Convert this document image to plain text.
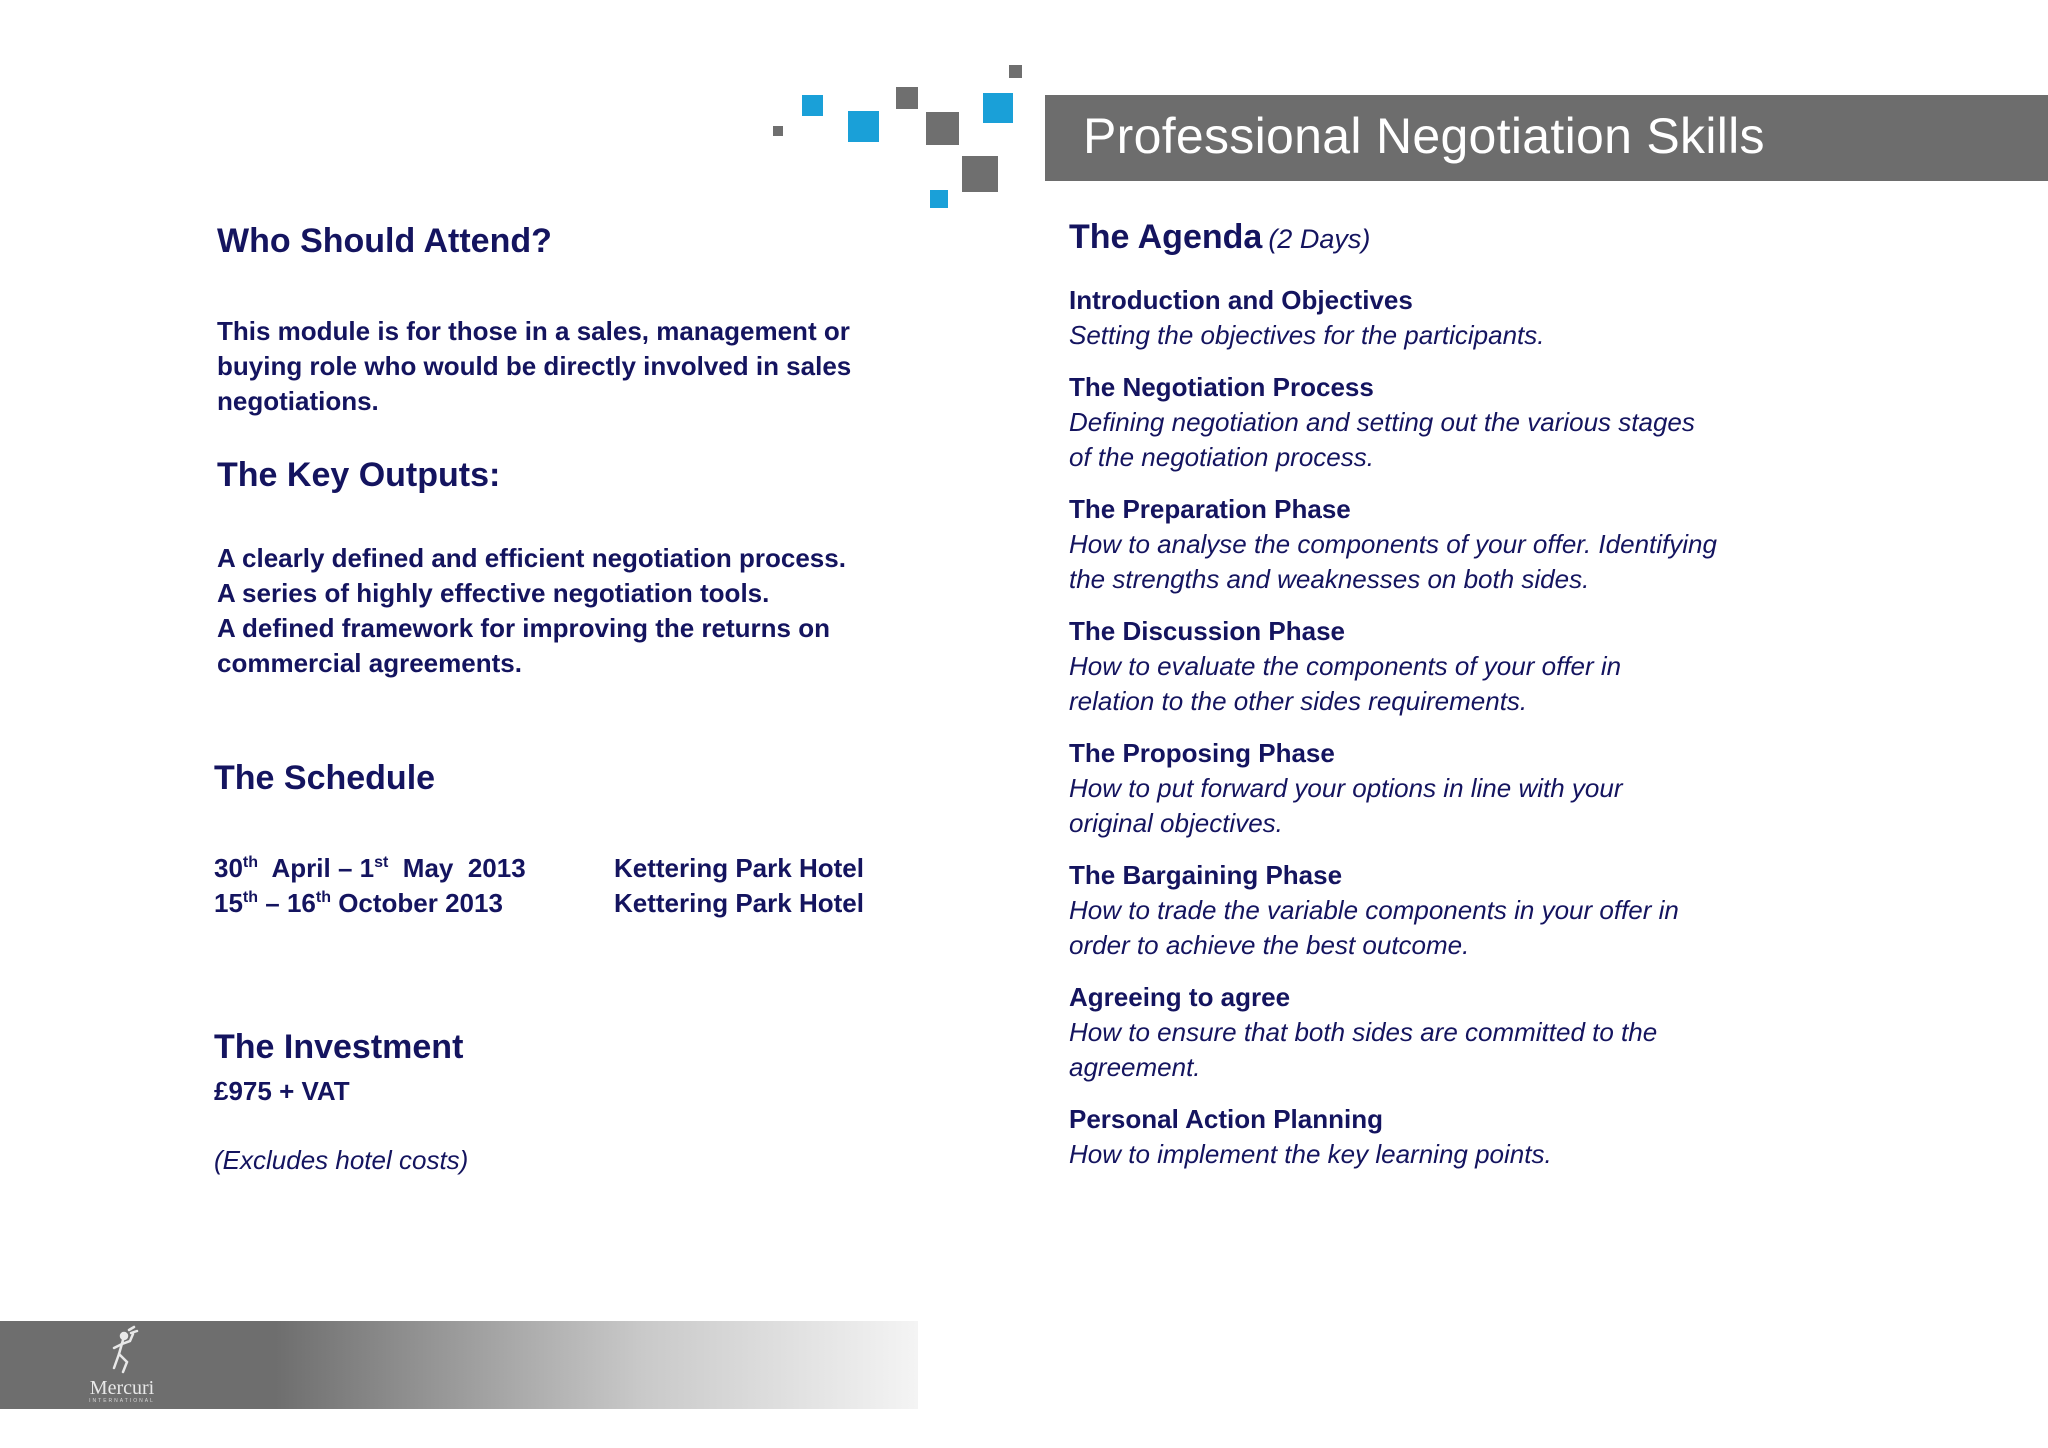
Professional Negotiation Skills
Who Should Attend?
This module is for those in a sales, management or
buying role who would be directly involved in sales
negotiations.
The Key Outputs:
A clearly defined and efficient negotiation process.
A series of highly effective negotiation tools.
A defined framework for improving the returns on
commercial agreements.
The Schedule
30th  April – 1st  May  2013	Kettering Park Hotel
15th – 16th October 2013	Kettering Park Hotel
The Investment
£975 + VAT
(Excludes hotel costs)
The Agenda (2 Days)
Introduction and Objectives
Setting the objectives for the participants.
The Negotiation Process
Defining negotiation and setting out the various stages
of the negotiation process.
The Preparation Phase
How to analyse the components of your offer. Identifying
the strengths and weaknesses on both sides.
The Discussion Phase
How to evaluate the components of your offer in
relation to the other sides requirements.
The Proposing Phase
How to put forward your options in line with your
original objectives.
The Bargaining Phase
How to trade the variable components in your offer in
order to achieve the best outcome.
Agreeing to agree
How to ensure that both sides are committed to the
agreement.
Personal Action Planning
How to implement the key learning points.
Mercuri
INTERNATIONAL
